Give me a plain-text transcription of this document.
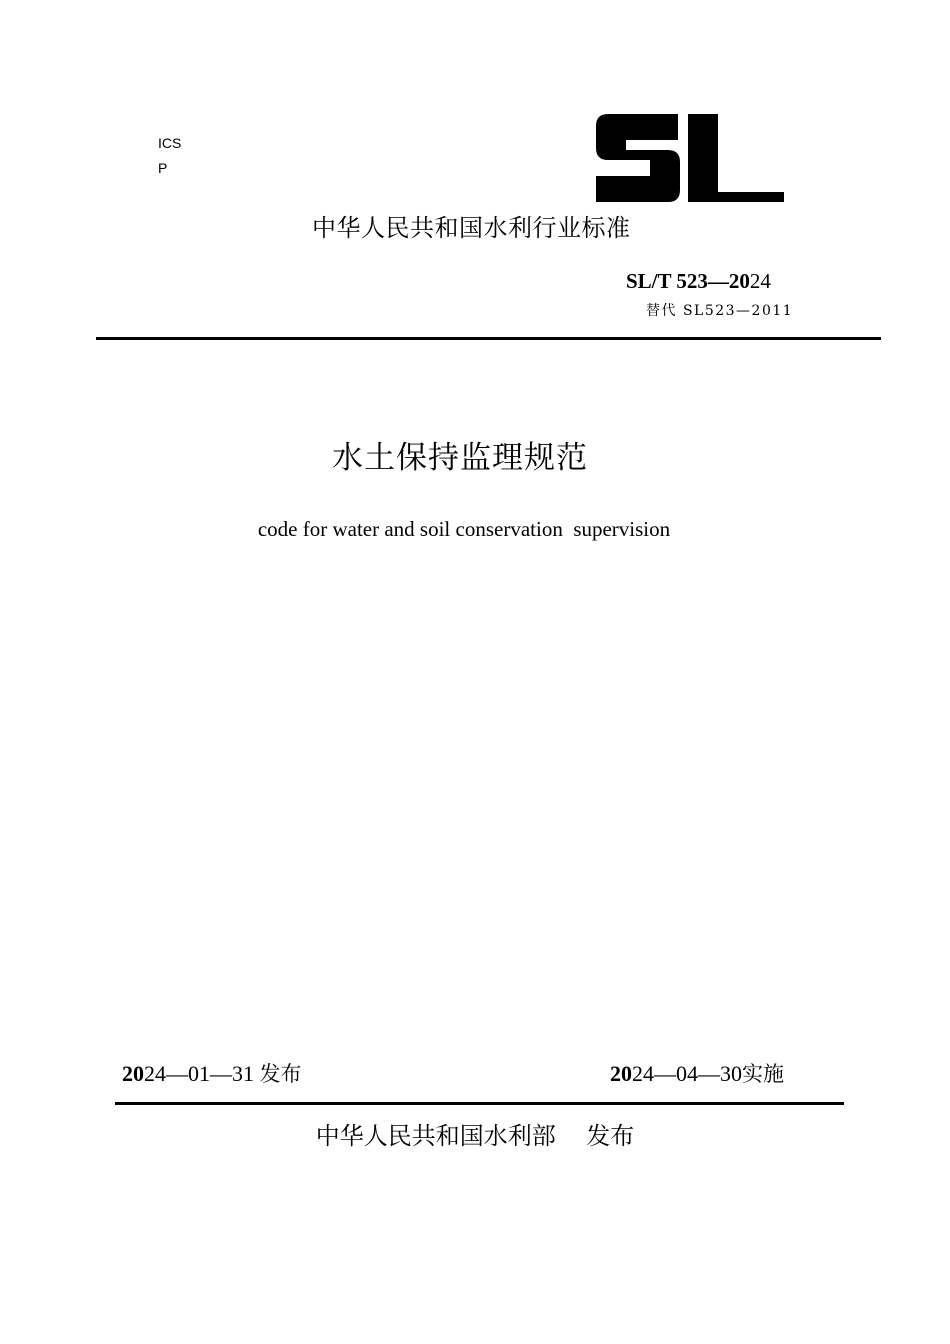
ICS
P
中华人民共和国水利行业标准
SL/T 523—2024
替代 SL523—2011
水土保持监理规范
code for water and soil conservation  supervision
2024—01—31 发布	2024—04—30实施
中华人民共和国水利部 发布
